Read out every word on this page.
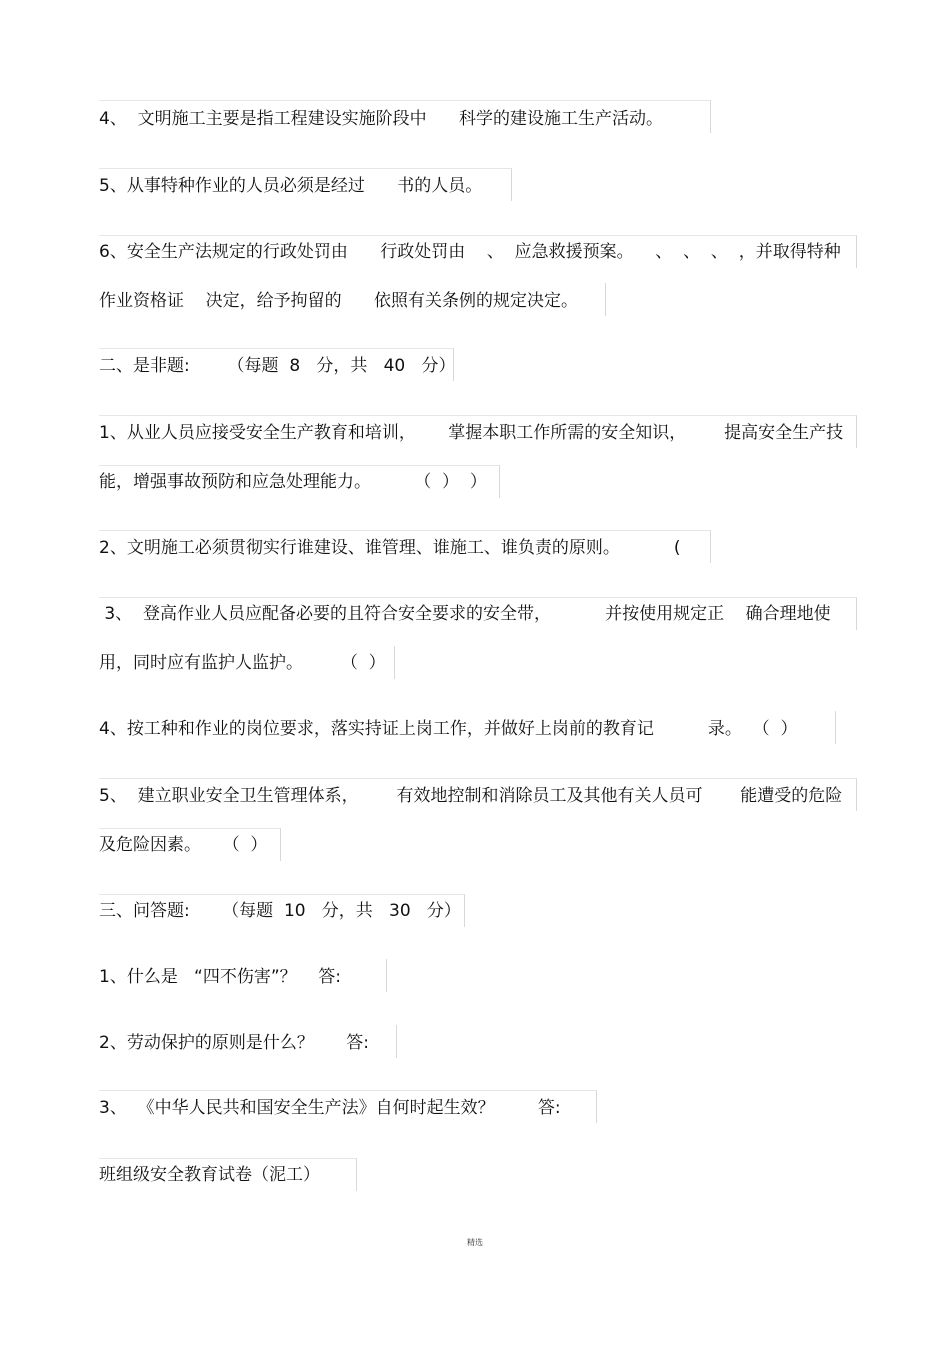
4、  文明施工主要是指工程建设实施阶段中      科学的建设施工生产活动。
5、从事特种作业的人员必须是经过      书的人员。
6、安全生产法规定的行政处罚由      行政处罚由    、  应急救援预案。    、  、  、  ，并取得特种
作业资格证    决定，给予拘留的      依照有关条例的规定决定。
二、是非题:       （每题  8   分，共   40   分）
1、从业人员应接受安全生产教育和培训，      掌握本职工作所需的安全知识，       提高安全生产技
能，增强事故预防和应急处理能力。        （  ）  ）
2、文明施工必须贯彻实行谁建设、谁管理、谁施工、谁负责的原则。          (
3、  登高作业人员应配备必要的且符合安全要求的安全带，          并按使用规定正    确合理地使
用，同时应有监护人监护。       （  ）
4、按工种和作业的岗位要求，落实持证上岗工作，并做好上岗前的教育记          录。  （  ）
5、  建立职业安全卫生管理体系，       有效地控制和消除员工及其他有关人员可       能遭受的危险
及危险因素。    （  ）
三、问答题:      （每题  10   分，共   30   分）
1、什么是   “四不伤害”？    答:
2、劳动保护的原则是什么？      答:
3、  《中华人民共和国安全生产法》自何时起生效？        答:
班组级安全教育试卷（泥工）
精选
